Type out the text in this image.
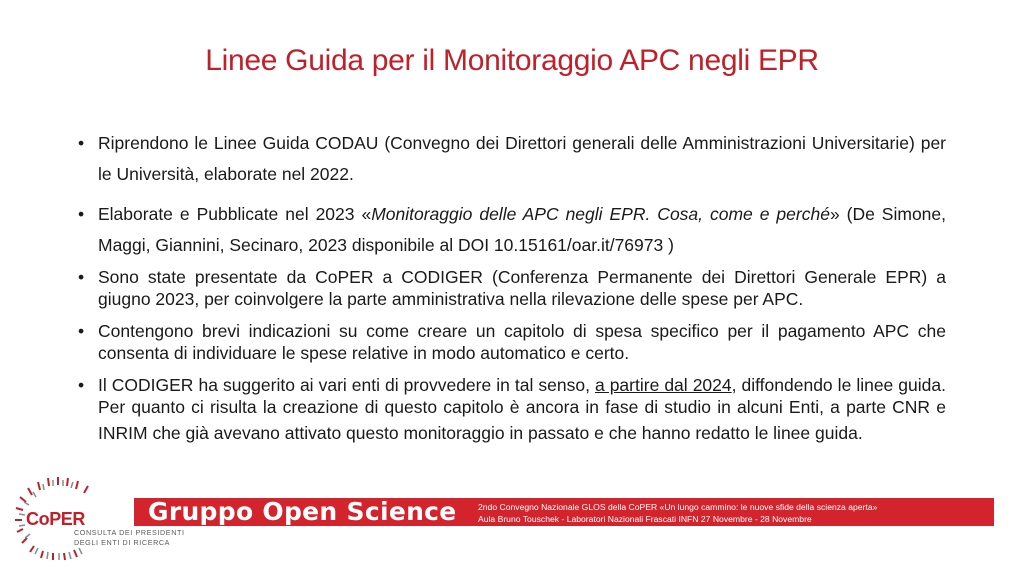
Linee Guida per il Monitoraggio APC negli EPR
• Riprendono le Linee Guida CODAU (Convegno dei Direttori generali delle Amministrazioni Universitarie) per le Università, elaborate nel 2022.
• Elaborate e Pubblicate nel 2023 «Monitoraggio delle APC negli EPR. Cosa, come e perché» (De Simone, Maggi, Giannini, Secinaro, 2023 disponibile al DOI 10.15161/oar.it/76973 )
• Sono state presentate da CoPER a CODIGER (Conferenza Permanente dei Direttori Generale EPR) a giugno 2023, per coinvolgere la parte amministrativa nella rilevazione delle spese per APC.
• Contengono brevi indicazioni su come creare un capitolo di spesa specifico per il pagamento APC che consenta di individuare le spese relative in modo automatico e certo.
• Il CODIGER ha suggerito ai vari enti di provvedere in tal senso, a partire dal 2024, diffondendo le linee guida. Per quanto ci risulta la creazione di questo capitolo è ancora in fase di studio in alcuni Enti, a parte CNR e INRIM che già avevano attivato questo monitoraggio in passato e che hanno redatto le linee guida.
CoPER
CONSULTA DEI PRESIDENTI
DEGLI ENTI DI RICERCA
Gruppo Open Science 2ndo Convegno Nazionale GLOS della CoPER «Un lungo cammino: le nuove sfide della scienza aperta»
Aula Bruno Touschek - Laboratori Nazionali Frascati INFN 27 Novembre - 28 Novembre
